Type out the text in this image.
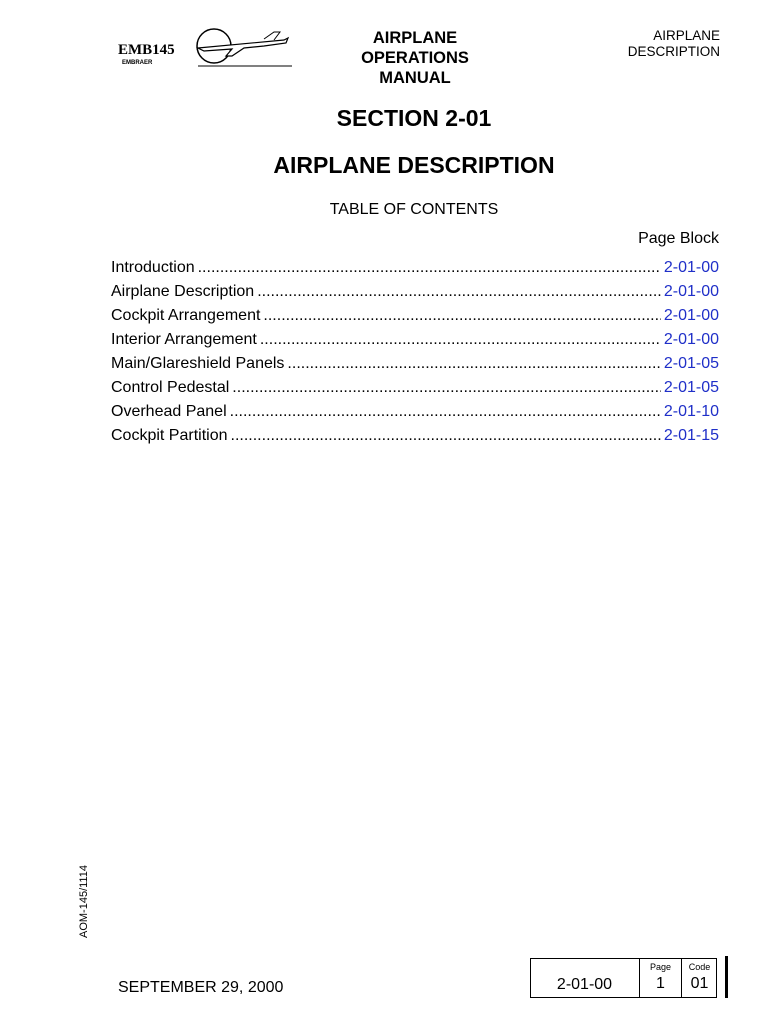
EMB145
EMBRAER
AIRPLANE
OPERATIONS
MANUAL
AIRPLANE
DESCRIPTION
SECTION 2-01
AIRPLANE DESCRIPTION
TABLE OF CONTENTS
Page Block
Introduction .....	2-01-00
Airplane Description .....	2-01-00
Cockpit Arrangement .....	2-01-00
Interior Arrangement .....	2-01-00
Main/Glareshield Panels .....	2-01-05
Control Pedestal .....	2-01-05
Overhead Panel .....	2-01-10
Cockpit Partition .....	2-01-15
AOM-145/1114
SEPTEMBER 29, 2000	2-01-00
Page
1
Code
01
